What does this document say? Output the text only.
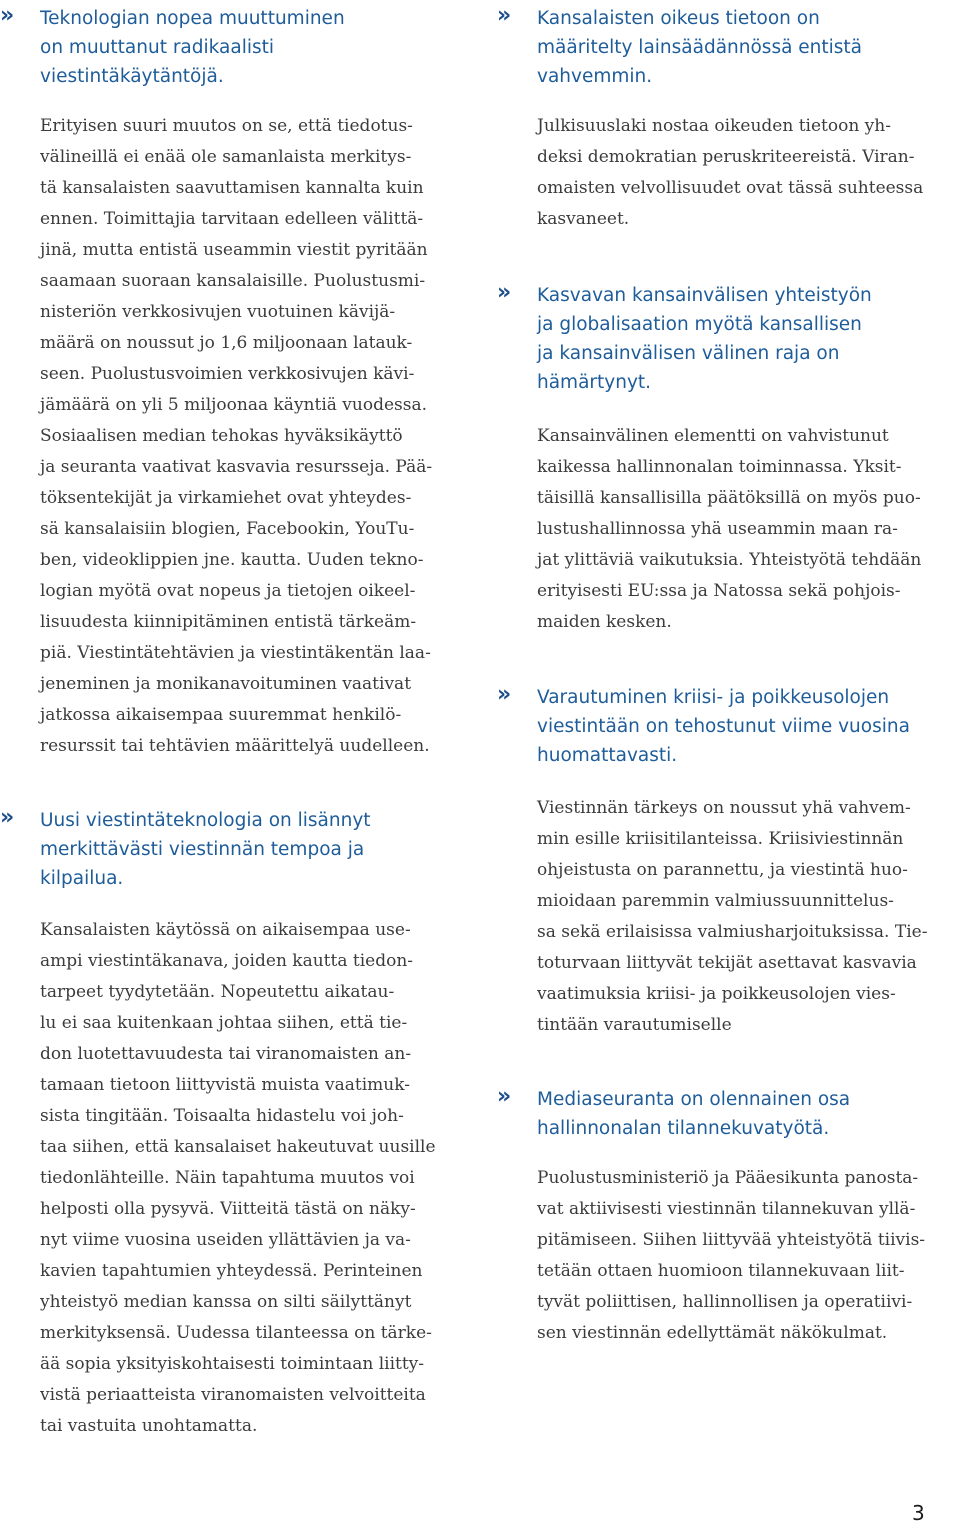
» Teknologian nopea muuttuminen
on muuttanut radikaalisti
viestintäkäytäntöjä.

Erityisen suuri muutos on se, että tiedotus-
välineillä ei enää ole samanlaista merkitys-
tä kansalaisten saavuttamisen kannalta kuin
ennen. Toimittajia tarvitaan edelleen välittä-
jinä, mutta entistä useammin viestit pyritään
saamaan suoraan kansalaisille. Puolustusmi-
nisteriön verkkosivujen vuotuinen kävijä-
määrä on noussut jo 1,6 miljoonaan latauk-
seen. Puolustusvoimien verkkosivujen kävi-
jämäärä on yli 5 miljoonaa käyntiä vuodessa.
Sosiaalisen median tehokas hyväksikäyttö
ja seuranta vaativat kasvavia resursseja. Pää-
töksentekijät ja virkamiehet ovat yhteydes-
sä kansalaisiin blogien, Facebookin, YouTu-
ben, videoklippien jne. kautta. Uuden tekno-
logian myötä ovat nopeus ja tietojen oikeel-
lisuudesta kiinnipitäminen entistä tärkeäm-
piä. Viestintätehtävien ja viestintäkentän laa-
jeneminen ja monikanavoituminen vaativat
jatkossa aikaisempaa suuremmat henkilö-
resurssit tai tehtävien määrittelyä uudelleen.

» Uusi viestintäteknologia on lisännyt
merkittävästi viestinnän tempoa ja
kilpailua.

Kansalaisten käytössä on aikaisempaa use-
ampi viestintäkanava, joiden kautta tiedon-
tarpeet tyydytetään. Nopeutettu aikatau-
lu ei saa kuitenkaan johtaa siihen, että tie-
don luotettavuudesta tai viranomaisten an-
tamaan tietoon liittyvistä muista vaatimuk-
sista tingitään. Toisaalta hidastelu voi joh-
taa siihen, että kansalaiset hakeutuvat uusille
tiedonlähteille. Näin tapahtuma muutos voi
helposti olla pysyvä. Viitteitä tästä on näky-
nyt viime vuosina useiden yllättävien ja va-
kavien tapahtumien yhteydessä. Perinteinen
yhteistyö median kanssa on silti säilyttänyt
merkityksensä. Uudessa tilanteessa on tärke-
ää sopia yksityiskohtaisesti toimintaan liitty-
vistä periaatteista viranomaisten velvoitteita
tai vastuita unohtamatta.

» Kansalaisten oikeus tietoon on
määritelty lainsäädännössä entistä
vahvemmin.

Julkisuuslaki nostaa oikeuden tietoon yh-
deksi demokratian peruskriteereistä. Viran-
omaisten velvollisuudet ovat tässä suhteessa
kasvaneet.

» Kasvavan kansainvälisen yhteistyön
ja globalisaation myötä kansallisen
ja kansainvälisen välinen raja on
hämärtynyt.

Kansainvälinen elementti on vahvistunut
kaikessa hallinnonalan toiminnassa. Yksit-
täisillä kansallisilla päätöksillä on myös puo-
lustushallinnossa yhä useammin maan ra-
jat ylittäviä vaikutuksia. Yhteistyötä tehdään
erityisesti EU:ssa ja Natossa sekä pohjois-
maiden kesken.

» Varautuminen kriisi- ja poikkeusolojen
viestintään on tehostunut viime vuosina
huomattavasti.

Viestinnän tärkeys on noussut yhä vahvem-
min esille kriisitilanteissa. Kriisiviestinnän
ohjeistusta on parannettu, ja viestintä huo-
mioidaan paremmin valmiussuunnittelus-
sa sekä erilaisissa valmiusharjoituksissa. Tie-
toturvaan liittyvät tekijät asettavat kasvavia
vaatimuksia kriisi- ja poikkeusolojen vies-
tintään varautumiselle

» Mediaseuranta on olennainen osa
hallinnonalan tilannekuvatyötä.

Puolustusministeriö ja Pääesikunta panosta-
vat aktiivisesti viestinnän tilannekuvan yllä-
pitämiseen. Siihen liittyvää yhteistyötä tiivis-
tetään ottaen huomioon tilannekuvaan liit-
tyvät poliittisen, hallinnollisen ja operatiivi-
sen viestinnän edellyttämät näkökulmat.

3
